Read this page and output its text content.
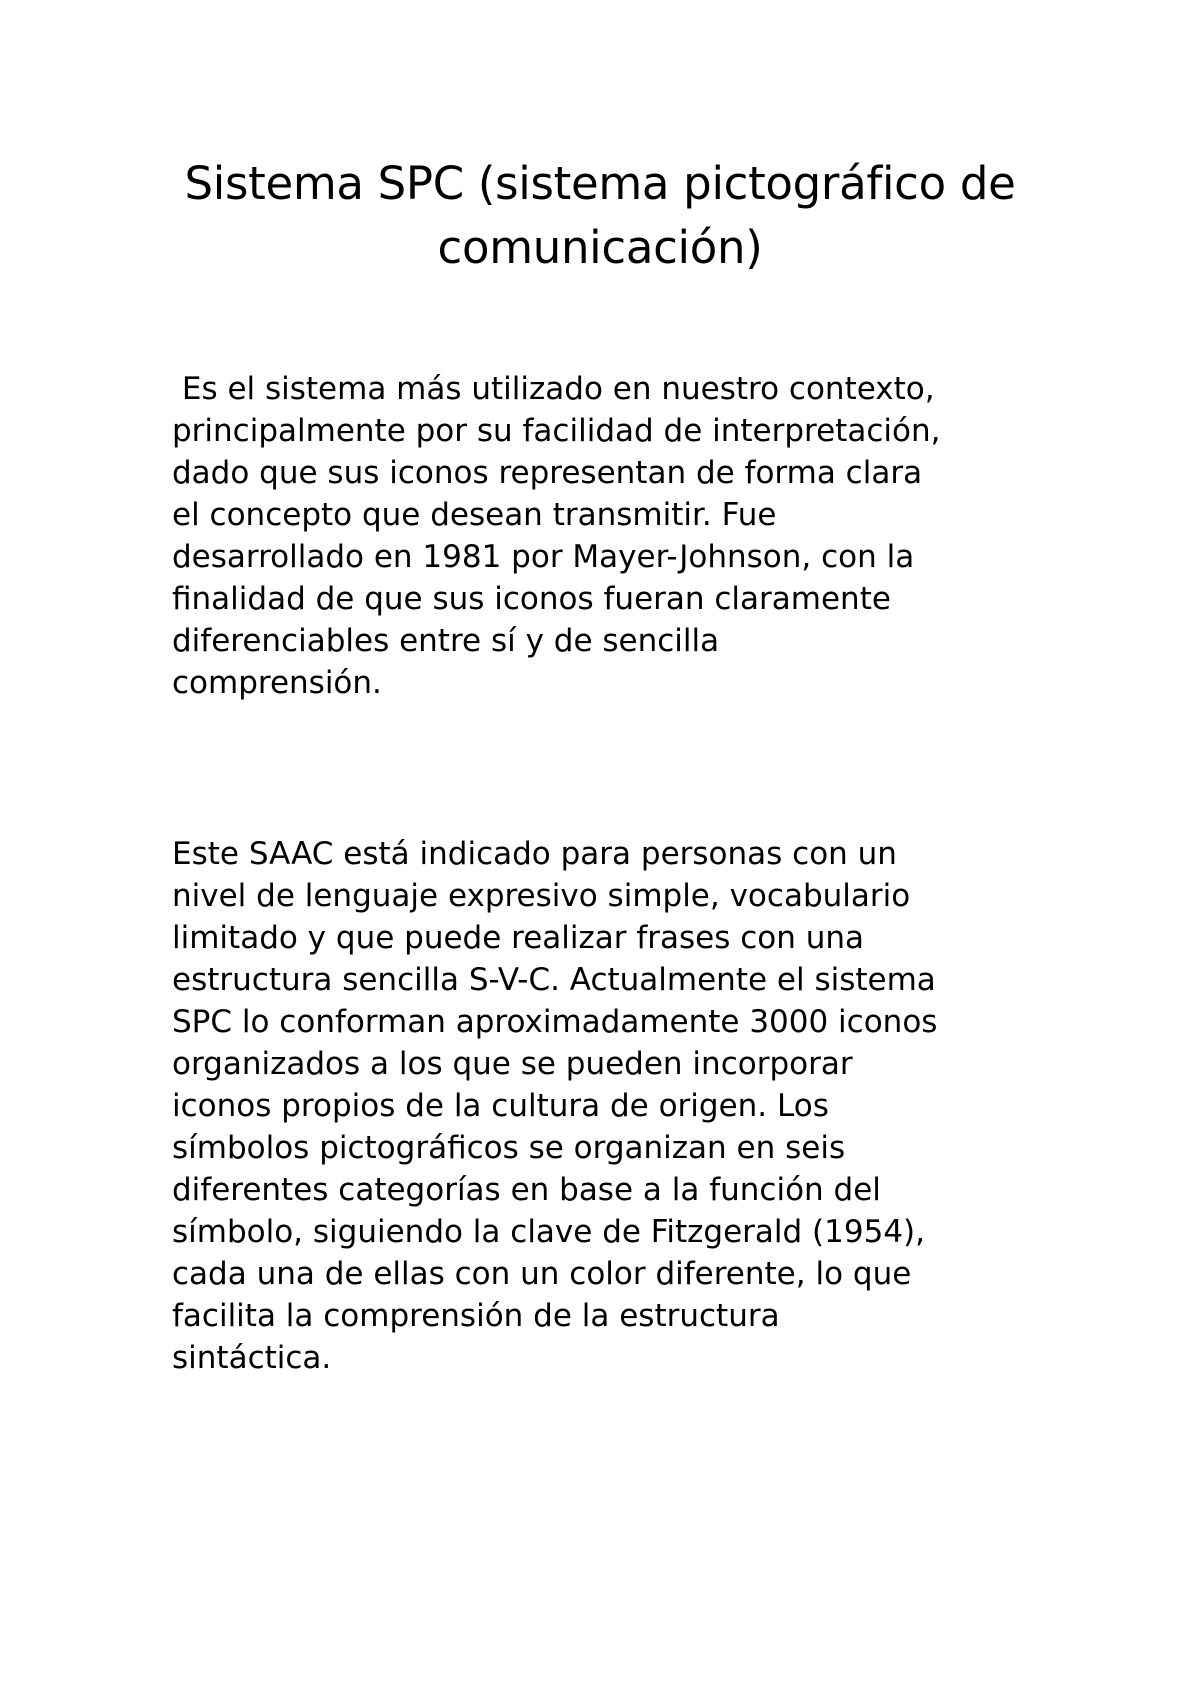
Sistema SPC (sistema pictográfico de
comunicación)

Es el sistema más utilizado en nuestro contexto,
principalmente por su facilidad de interpretación,
dado que sus iconos representan de forma clara
el concepto que desean transmitir. Fue
desarrollado en 1981 por Mayer-Johnson, con la
finalidad de que sus iconos fueran claramente
diferenciables entre sí y de sencilla
comprensión.

Este SAAC está indicado para personas con un
nivel de lenguaje expresivo simple, vocabulario
limitado y que puede realizar frases con una
estructura sencilla S-V-C. Actualmente el sistema
SPC lo conforman aproximadamente 3000 iconos
organizados a los que se pueden incorporar
iconos propios de la cultura de origen. Los
símbolos pictográficos se organizan en seis
diferentes categorías en base a la función del
símbolo, siguiendo la clave de Fitzgerald (1954),
cada una de ellas con un color diferente, lo que
facilita la comprensión de la estructura
sintáctica.
